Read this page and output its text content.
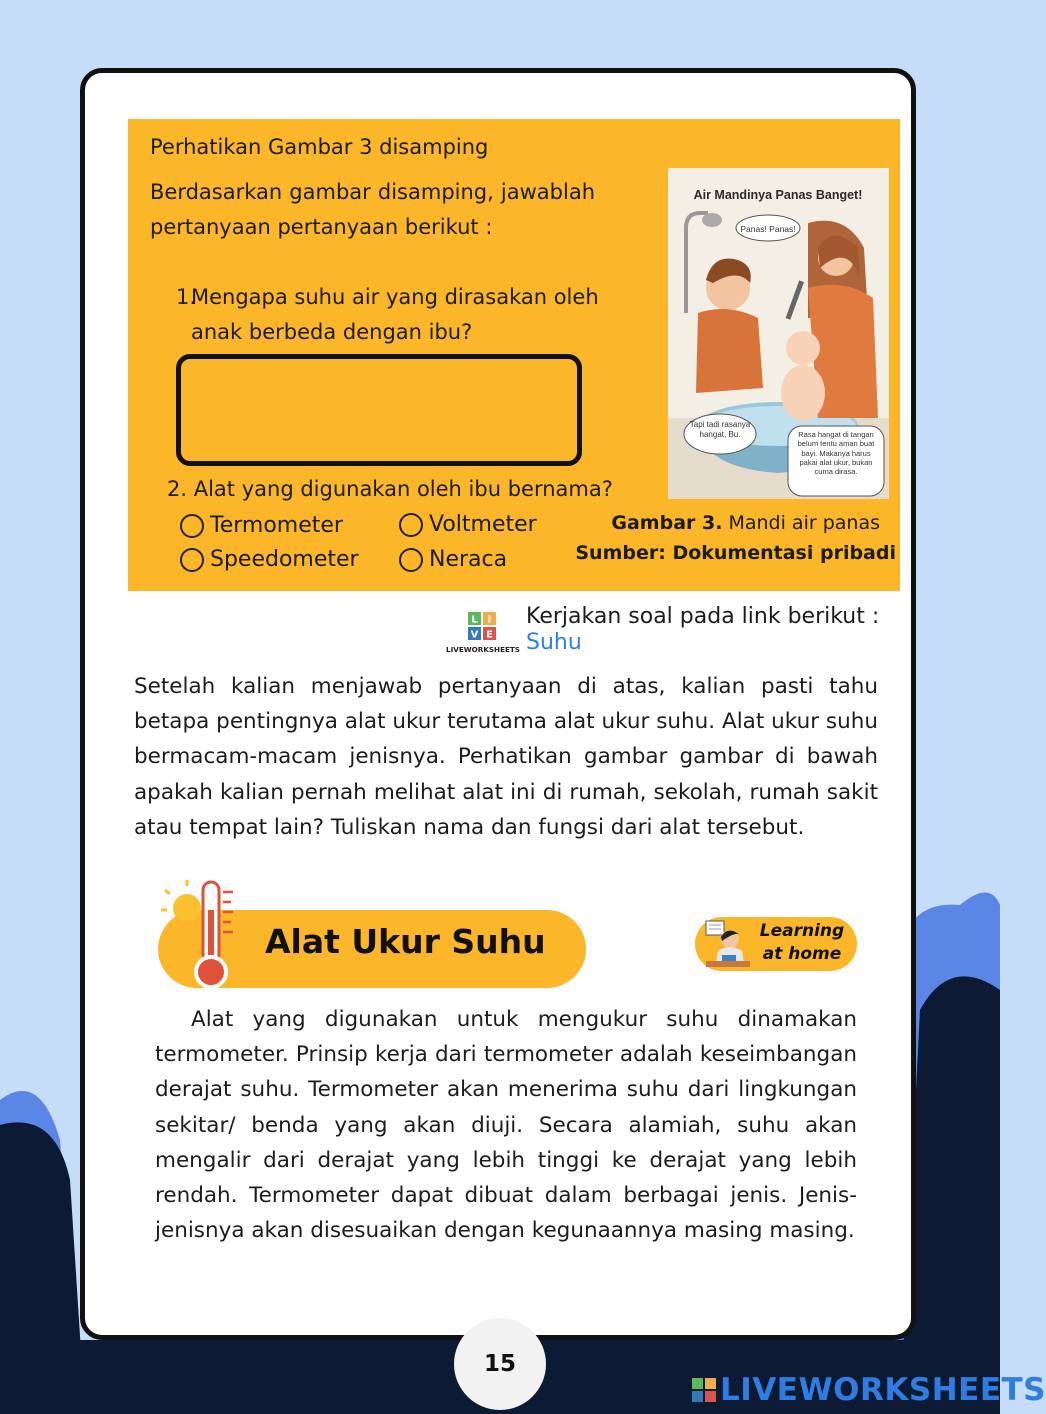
Perhatikan Gambar 3 disamping
Berdasarkan gambar disamping, jawablah pertanyaan pertanyaan berikut :
1.
Mengapa suhu air yang dirasakan oleh anak berbeda dengan ibu?
2. Alat yang digunakan oleh ibu bernama?
Termometer	Voltmeter
Speedometer	Neraca
Air Mandinya Panas Banget!
Panas! Panas!
Tapi tadi rasanya hangat, Bu.	Rasa hangat di tangan belum tentu aman buat bayi. Makanya harus pakai alat ukur, bukan cuma dirasa.
Gambar 3. Mandi air panas
Sumber: Dokumentasi pribadi
L I
V E
LIVEWORKSHEETS
Kerjakan soal pada link berikut :
Suhu
Setelah kalian menjawab pertanyaan di atas, kalian pasti tahu betapa pentingnya alat ukur terutama alat ukur suhu. Alat ukur suhu bermacam-macam jenisnya. Perhatikan gambar gambar di bawah apakah kalian pernah melihat alat ini di rumah, sekolah, rumah sakit atau tempat lain? Tuliskan nama dan fungsi dari alat tersebut.
Alat Ukur Suhu	Learning
at home
Alat yang digunakan untuk mengukur suhu dinamakan termometer. Prinsip kerja dari termometer adalah keseimbangan derajat suhu. Termometer akan menerima suhu dari lingkungan sekitar/ benda yang akan diuji. Secara alamiah, suhu akan mengalir dari derajat yang lebih tinggi ke derajat yang lebih rendah. Termometer dapat dibuat dalam berbagai jenis. Jenis-jenisnya akan disesuaikan dengan kegunaannya masing masing.
15
LIVEWORKSHEETS
